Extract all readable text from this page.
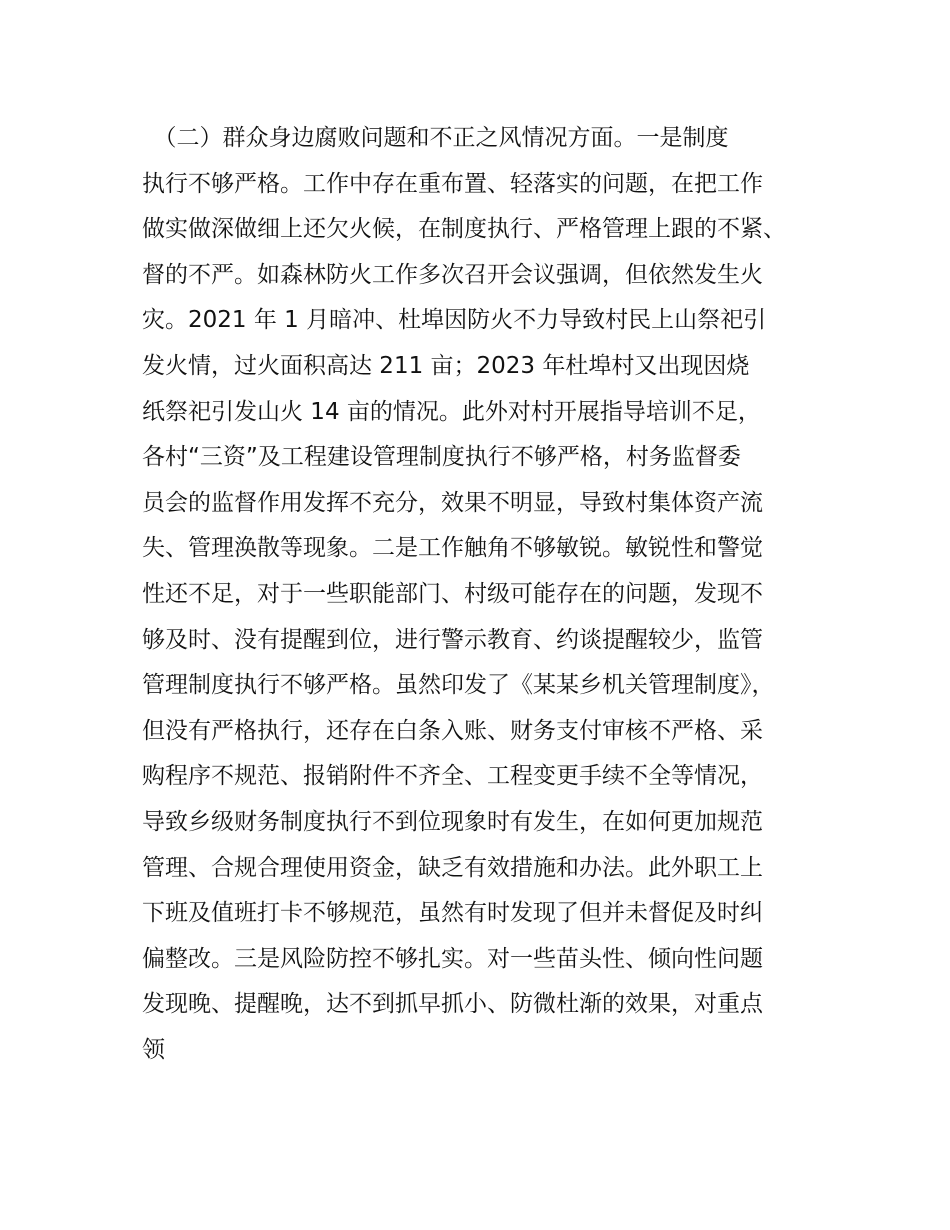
　（二）群众身边腐败问题和不正之风情况方面。一是制度
执行不够严格。工作中存在重布置、轻落实的问题，在把工作
做实做深做细上还欠火候，在制度执行、严格管理上跟的不紧、
督的不严。如森林防火工作多次召开会议强调，但依然发生火
灾。2021 年 1 月暗冲、杜埠因防火不力导致村民上山祭祀引
发火情，过火面积高达 211 亩；2023 年杜埠村又出现因烧
纸祭祀引发山火 14 亩的情况。此外对村开展指导培训不足，
各村“三资”及工程建设管理制度执行不够严格，村务监督委
员会的监督作用发挥不充分，效果不明显，导致村集体资产流
失、管理涣散等现象。二是工作触角不够敏锐。敏锐性和警觉
性还不足，对于一些职能部门、村级可能存在的问题，发现不
够及时、没有提醒到位，进行警示教育、约谈提醒较少，监管
管理制度执行不够严格。虽然印发了《某某乡机关管理制度》，
但没有严格执行，还存在白条入账、财务支付审核不严格、采
购程序不规范、报销附件不齐全、工程变更手续不全等情况，
导致乡级财务制度执行不到位现象时有发生，在如何更加规范
管理、合规合理使用资金，缺乏有效措施和办法。此外职工上
下班及值班打卡不够规范，虽然有时发现了但并未督促及时纠
偏整改。三是风险防控不够扎实。对一些苗头性、倾向性问题
发现晚、提醒晚，达不到抓早抓小、防微杜渐的效果，对重点
领
